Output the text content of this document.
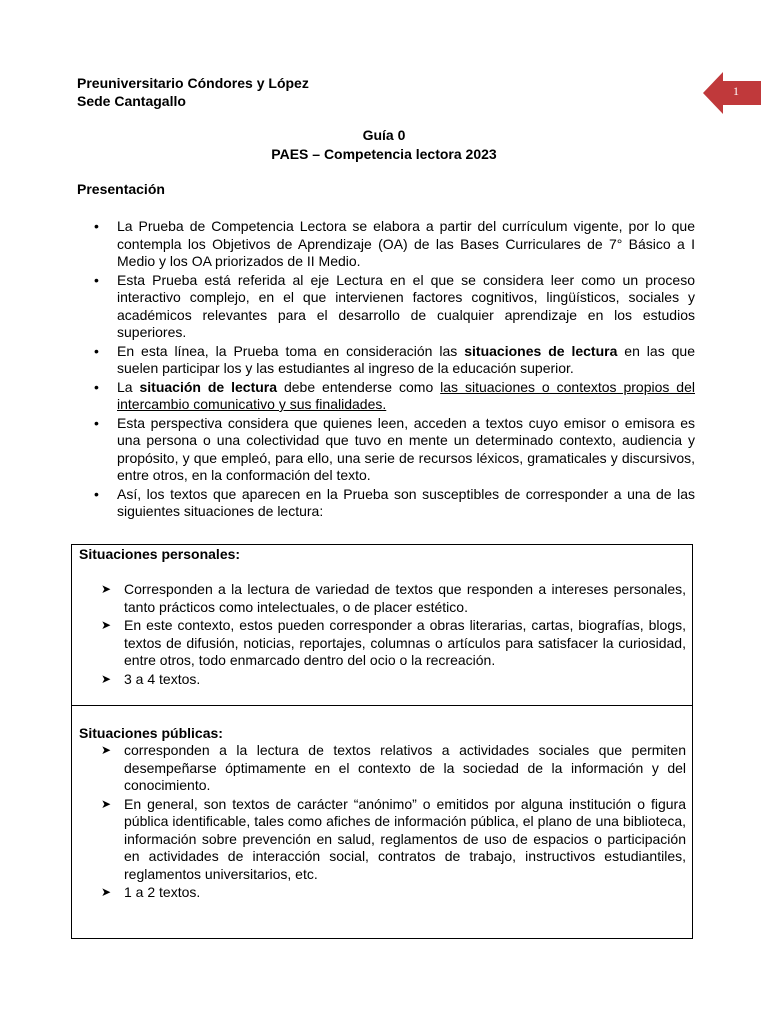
Preuniversitario Cóndores y López
Sede Cantagallo
1
Guía 0
PAES – Competencia lectora 2023
Presentación
• La Prueba de Competencia Lectora se elabora a partir del currículum vigente, por lo que contempla los Objetivos de Aprendizaje (OA) de las Bases Curriculares de 7° Básico a I Medio y los OA priorizados de II Medio.
• Esta Prueba está referida al eje Lectura en el que se considera leer como un proceso interactivo complejo, en el que intervienen factores cognitivos, lingüísticos, sociales y académicos relevantes para el desarrollo de cualquier aprendizaje en los estudios superiores.
• En esta línea, la Prueba toma en consideración las situaciones de lectura en las que suelen participar los y las estudiantes al ingreso de la educación superior.
• La situación de lectura debe entenderse como las situaciones o contextos propios del intercambio comunicativo y sus finalidades.
• Esta perspectiva considera que quienes leen, acceden a textos cuyo emisor o emisora es una persona o una colectividad que tuvo en mente un determinado contexto, audiencia y propósito, y que empleó, para ello, una serie de recursos léxicos, gramaticales y discursivos, entre otros, en la conformación del texto.
• Así, los textos que aparecen en la Prueba son susceptibles de corresponder a una de las siguientes situaciones de lectura:
Situaciones personales:
➤ Corresponden a la lectura de variedad de textos que responden a intereses personales, tanto prácticos como intelectuales, o de placer estético.
➤ En este contexto, estos pueden corresponder a obras literarias, cartas, biografías, blogs, textos de difusión, noticias, reportajes, columnas o artículos para satisfacer la curiosidad, entre otros, todo enmarcado dentro del ocio o la recreación.
➤ 3 a 4 textos.
Situaciones públicas:
➤ corresponden a la lectura de textos relativos a actividades sociales que permiten desempeñarse óptimamente en el contexto de la sociedad de la información y del conocimiento.
➤ En general, son textos de carácter “anónimo” o emitidos por alguna institución o figura pública identificable, tales como afiches de información pública, el plano de una biblioteca, información sobre prevención en salud, reglamentos de uso de espacios o participación en actividades de interacción social, contratos de trabajo, instructivos estudiantiles, reglamentos universitarios, etc.
➤ 1 a 2 textos.
